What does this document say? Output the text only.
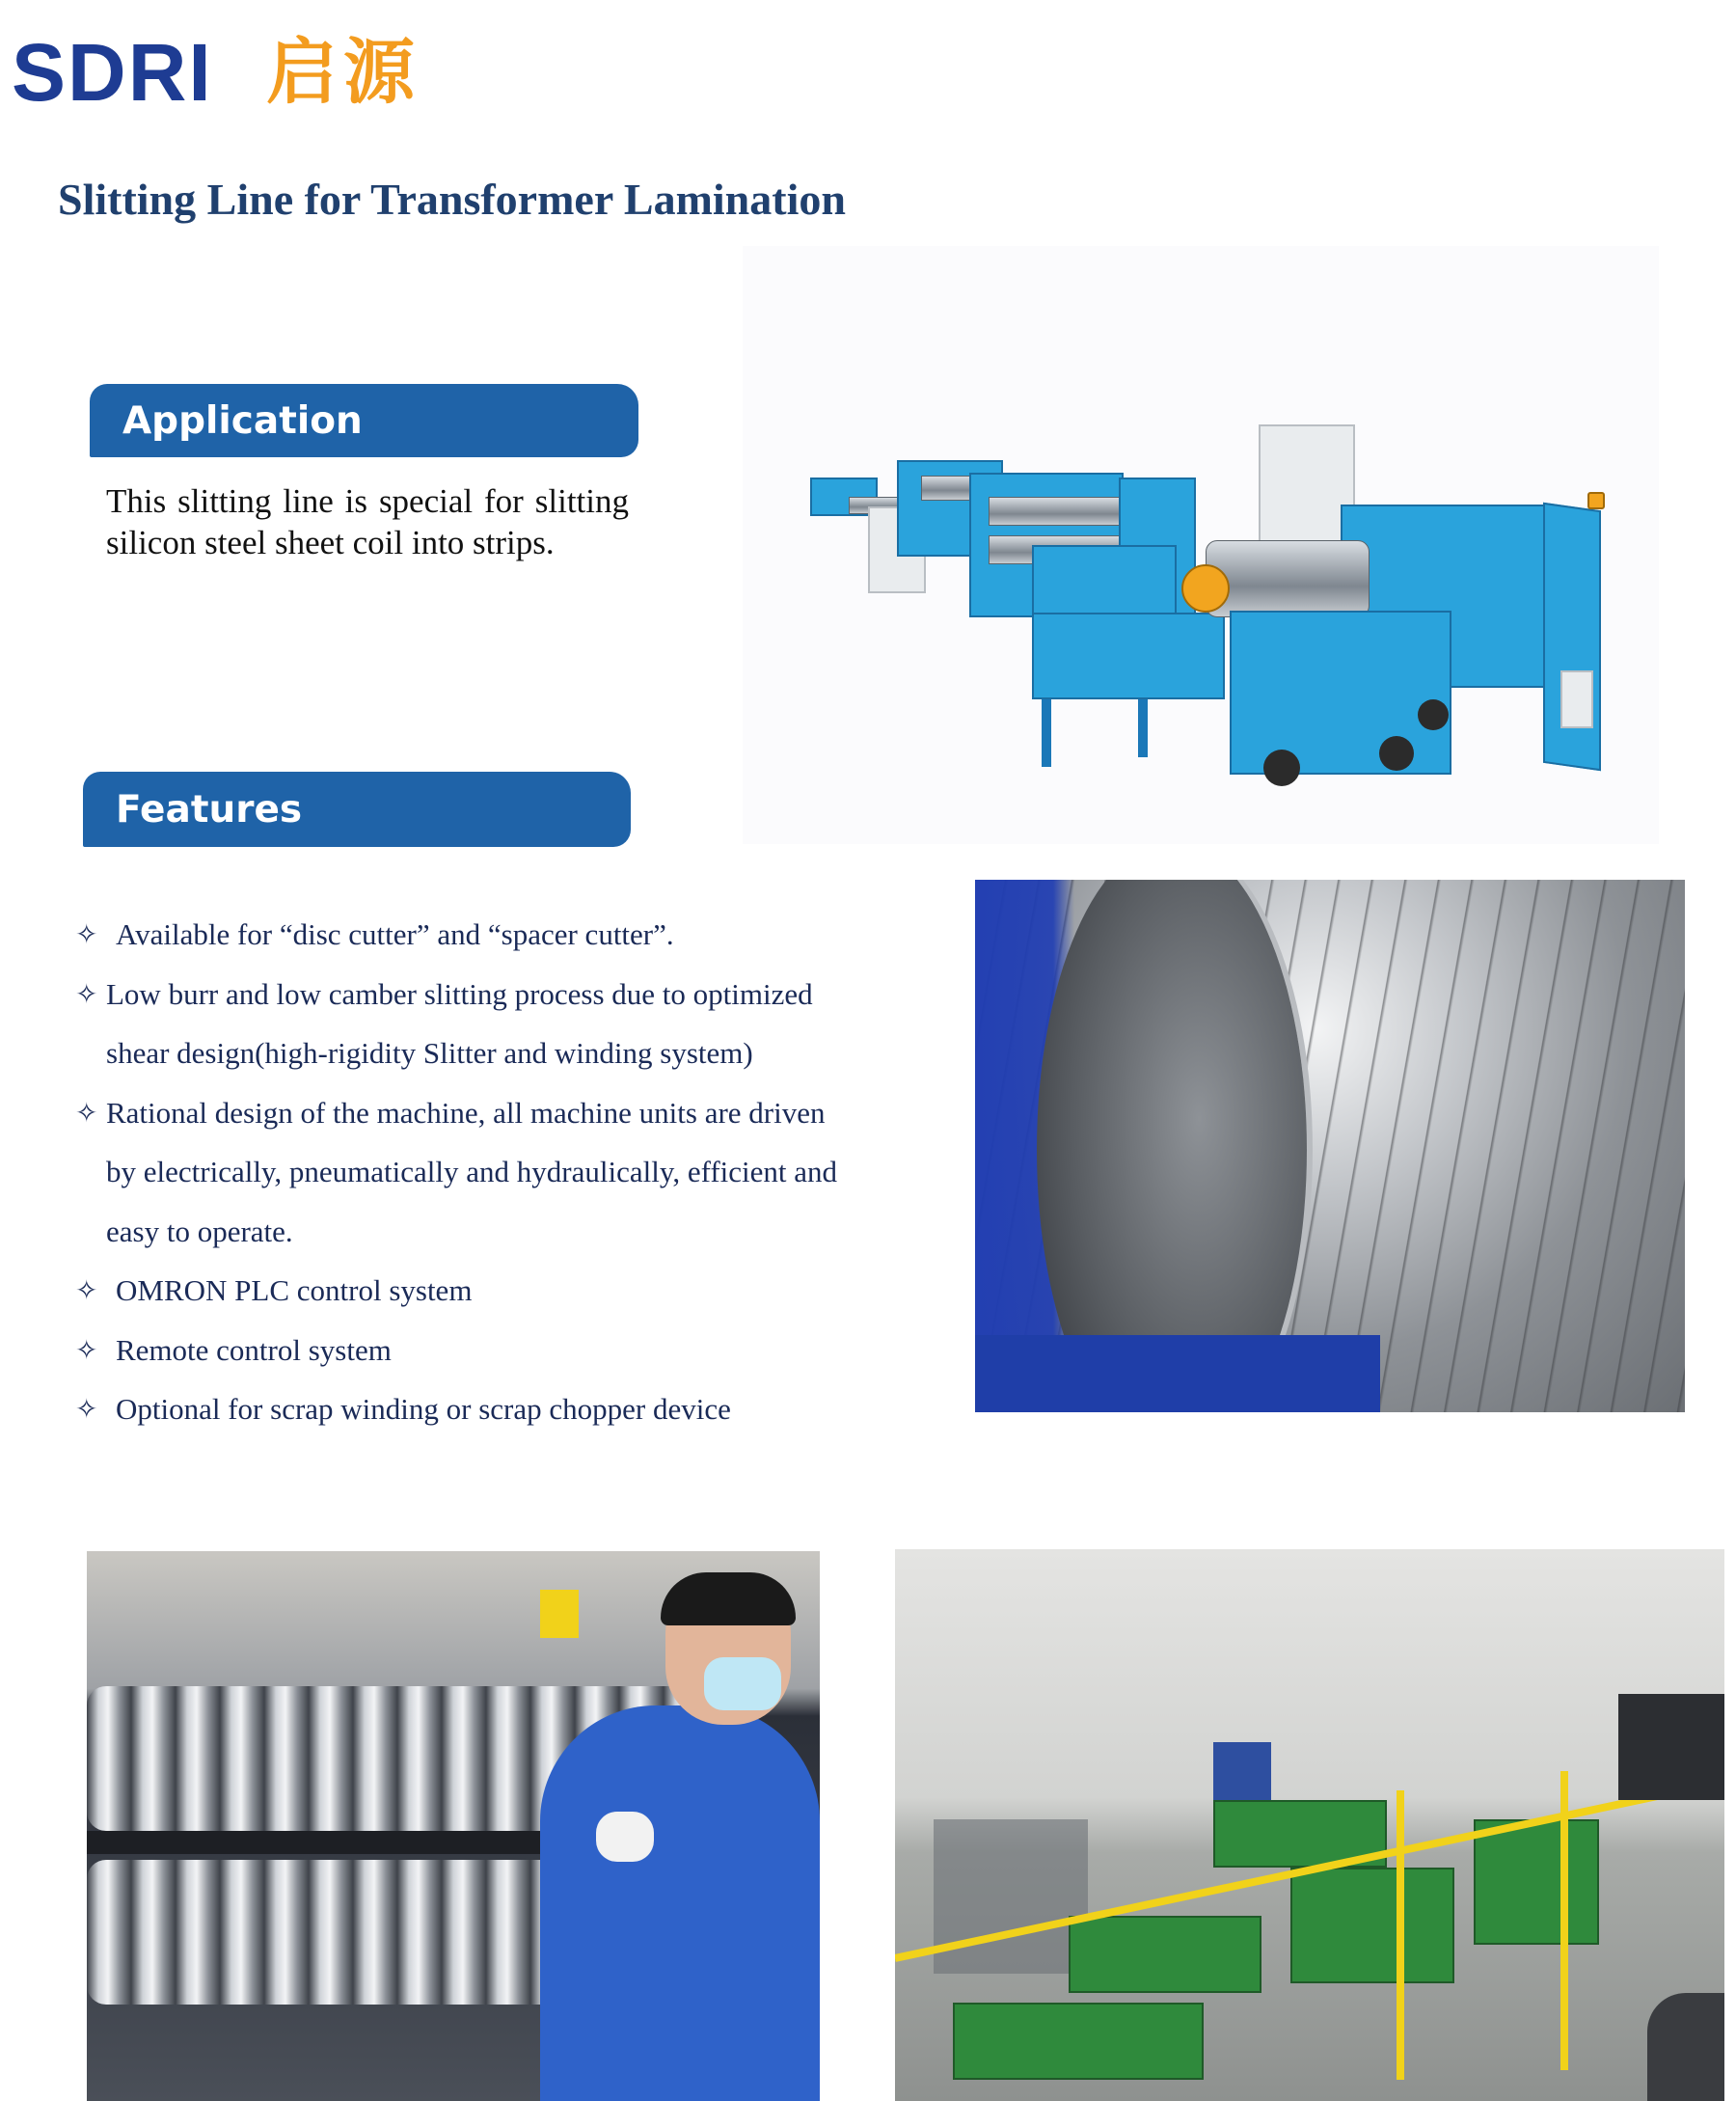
SDRI 启源
Slitting Line for Transformer Lamination
Application
This slitting line is special for slitting silicon steel sheet coil into strips.
Features
✧ Available for “disc cutter” and “spacer cutter”.
✧ Low burr and low camber slitting process due to optimized
shear design(high-rigidity Slitter and winding system)
✧ Rational design of the machine, all machine units are driven
by electrically, pneumatically and hydraulically, efficient and
easy to operate.
✧ OMRON PLC control system
✧ Remote control system
✧ Optional for scrap winding or scrap chopper device
